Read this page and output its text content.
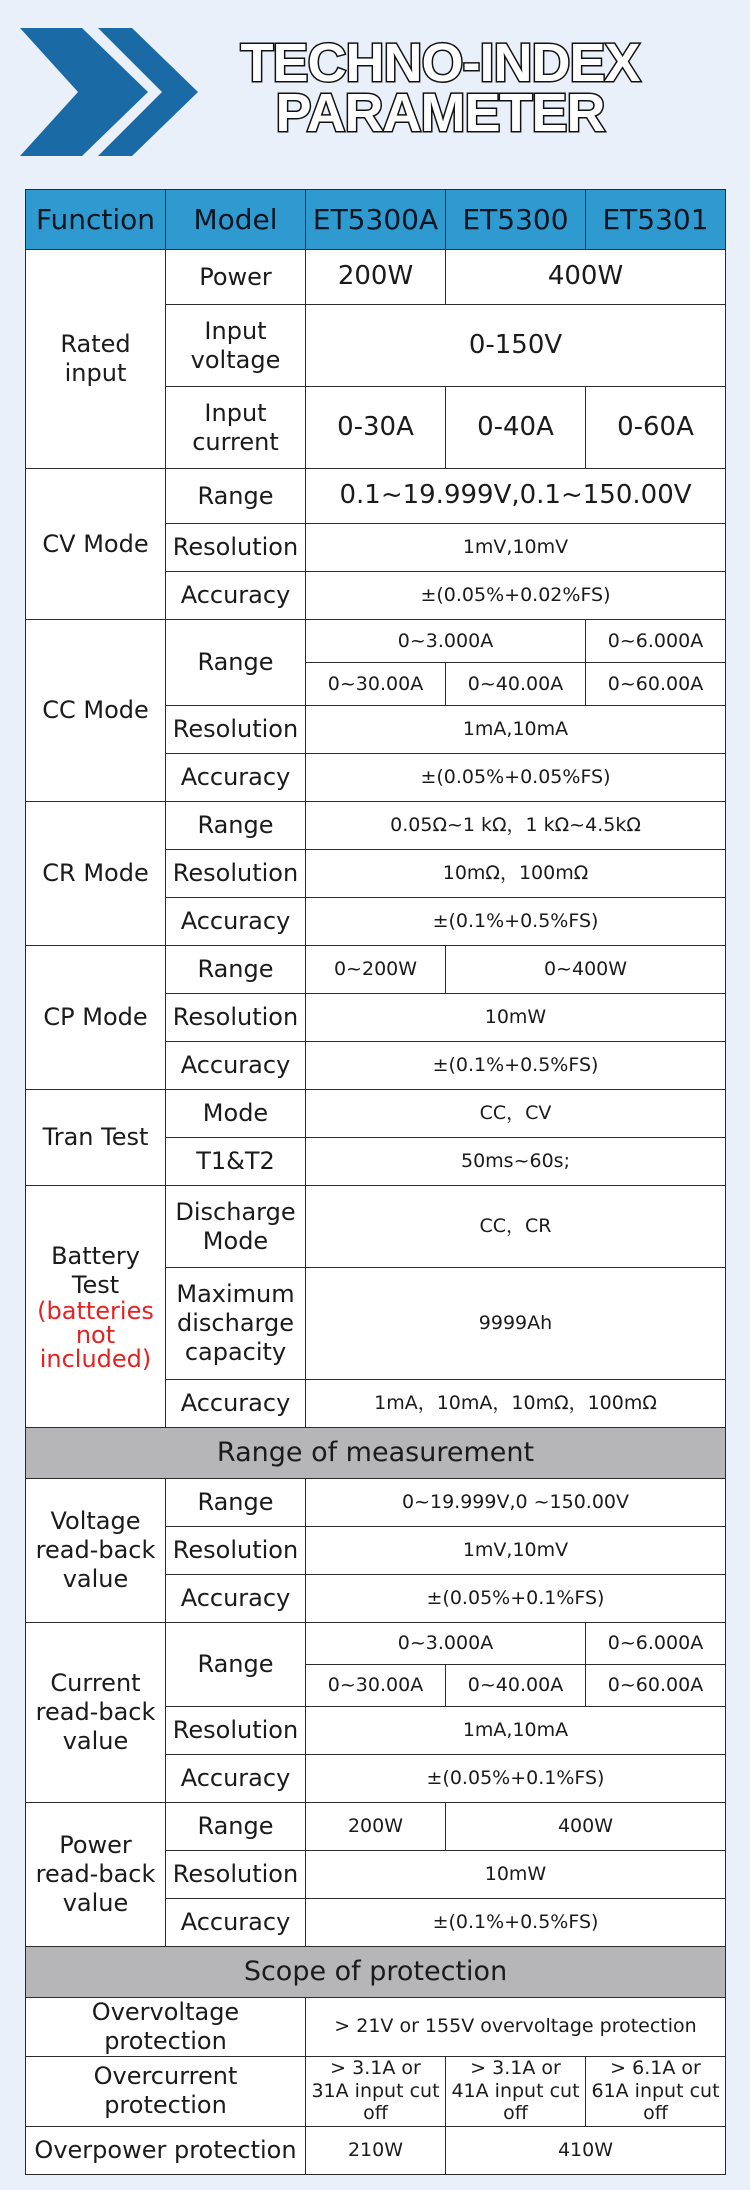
TECHNO-INDEX
PARAMETER
Function	Model	ET5300A	ET5300	ET5301
Rated input	Power	200W	400W	
	Input voltage	0-150V		
	Input current	0-30A	0-40A	0-60A
CV Mode	Range	0.1~19.999V,0.1~150.00V		
	Resolution	1mV,10mV		
	Accuracy	±(0.05%+0.02%FS)		
CC Mode	Range	0~3.000A		0~6.000A
		0~30.00A	0~40.00A	0~60.00A
	Resolution	1mA,10mA		
	Accuracy	±(0.05%+0.05%FS)		
CR Mode	Range	0.05Ω~1 kΩ，1 kΩ~4.5kΩ		
	Resolution	10mΩ，100mΩ		
	Accuracy	±(0.1%+0.5%FS)		
CP Mode	Range	0~200W	0~400W	
	Resolution	10mW		
	Accuracy	±(0.1%+0.5%FS)		
Tran Test	Mode	CC，CV		
	T1&T2	50ms~60s;		

Battery Test
(batteries not included)	Discharge Mode	CC，CR		
	Maximum discharge capacity	9999Ah		
	Accuracy	1mA，10mA，10mΩ，100mΩ		
Range of measurement				
Voltage read-back value	Range	0~19.999V,0 ~150.00V		
	Resolution	1mV,10mV		
	Accuracy	±(0.05%+0.1%FS)		
Current read-back value	Range	0~3.000A		0~6.000A
		0~30.00A	0~40.00A	0~60.00A
	Resolution	1mA,10mA		
	Accuracy	±(0.05%+0.1%FS)		
Power read-back value	Range	200W	400W	
	Resolution	10mW		
	Accuracy	±(0.1%+0.5%FS)		
Scope of protection				
Overvoltage protection		> 21V or 155V overvoltage protection		
Overcurrent protection		> 3.1A or 31A input cut off	> 3.1A or 41A input cut off	> 6.1A or 61A input cut off
Overpower protection		210W	410W	
